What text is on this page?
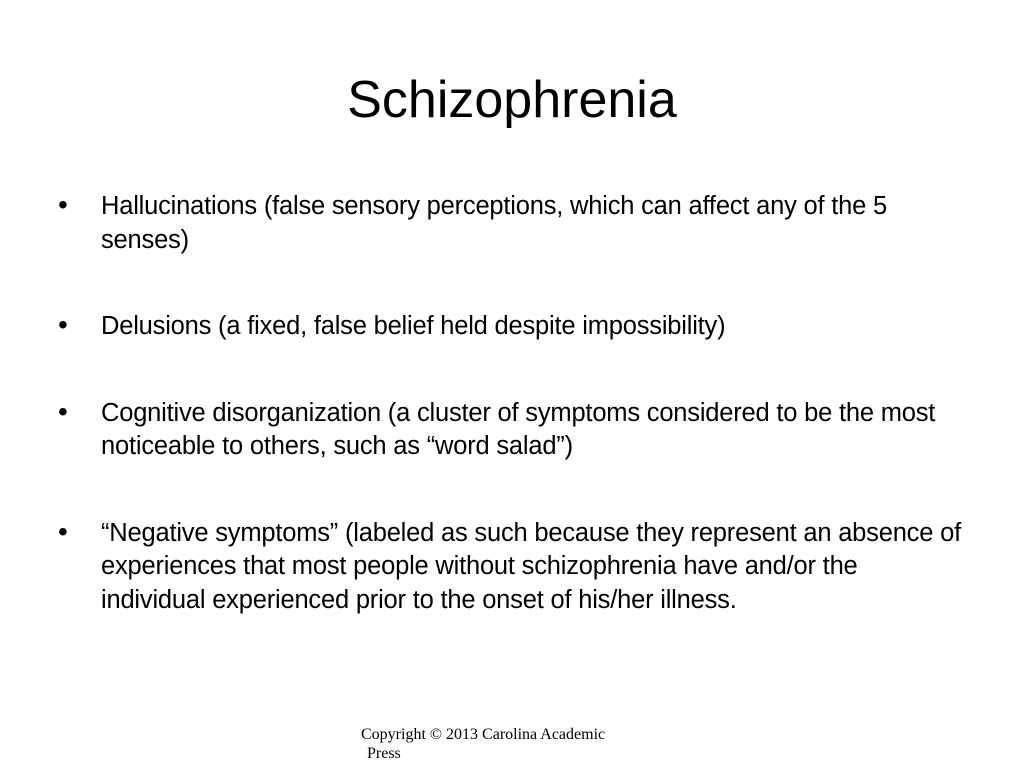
Schizophrenia
• Hallucinations (false sensory perceptions, which can affect any of the 5 senses)
• Delusions (a fixed, false belief held despite impossibility)
• Cognitive disorganization (a cluster of symptoms considered to be the most noticeable to others, such as “word salad”)
• “Negative symptoms” (labeled as such because they represent an absence of experiences that most people without schizophrenia have and/or the individual experienced prior to the onset of his/her illness.
Copyright © 2013 Carolina Academic
Press
